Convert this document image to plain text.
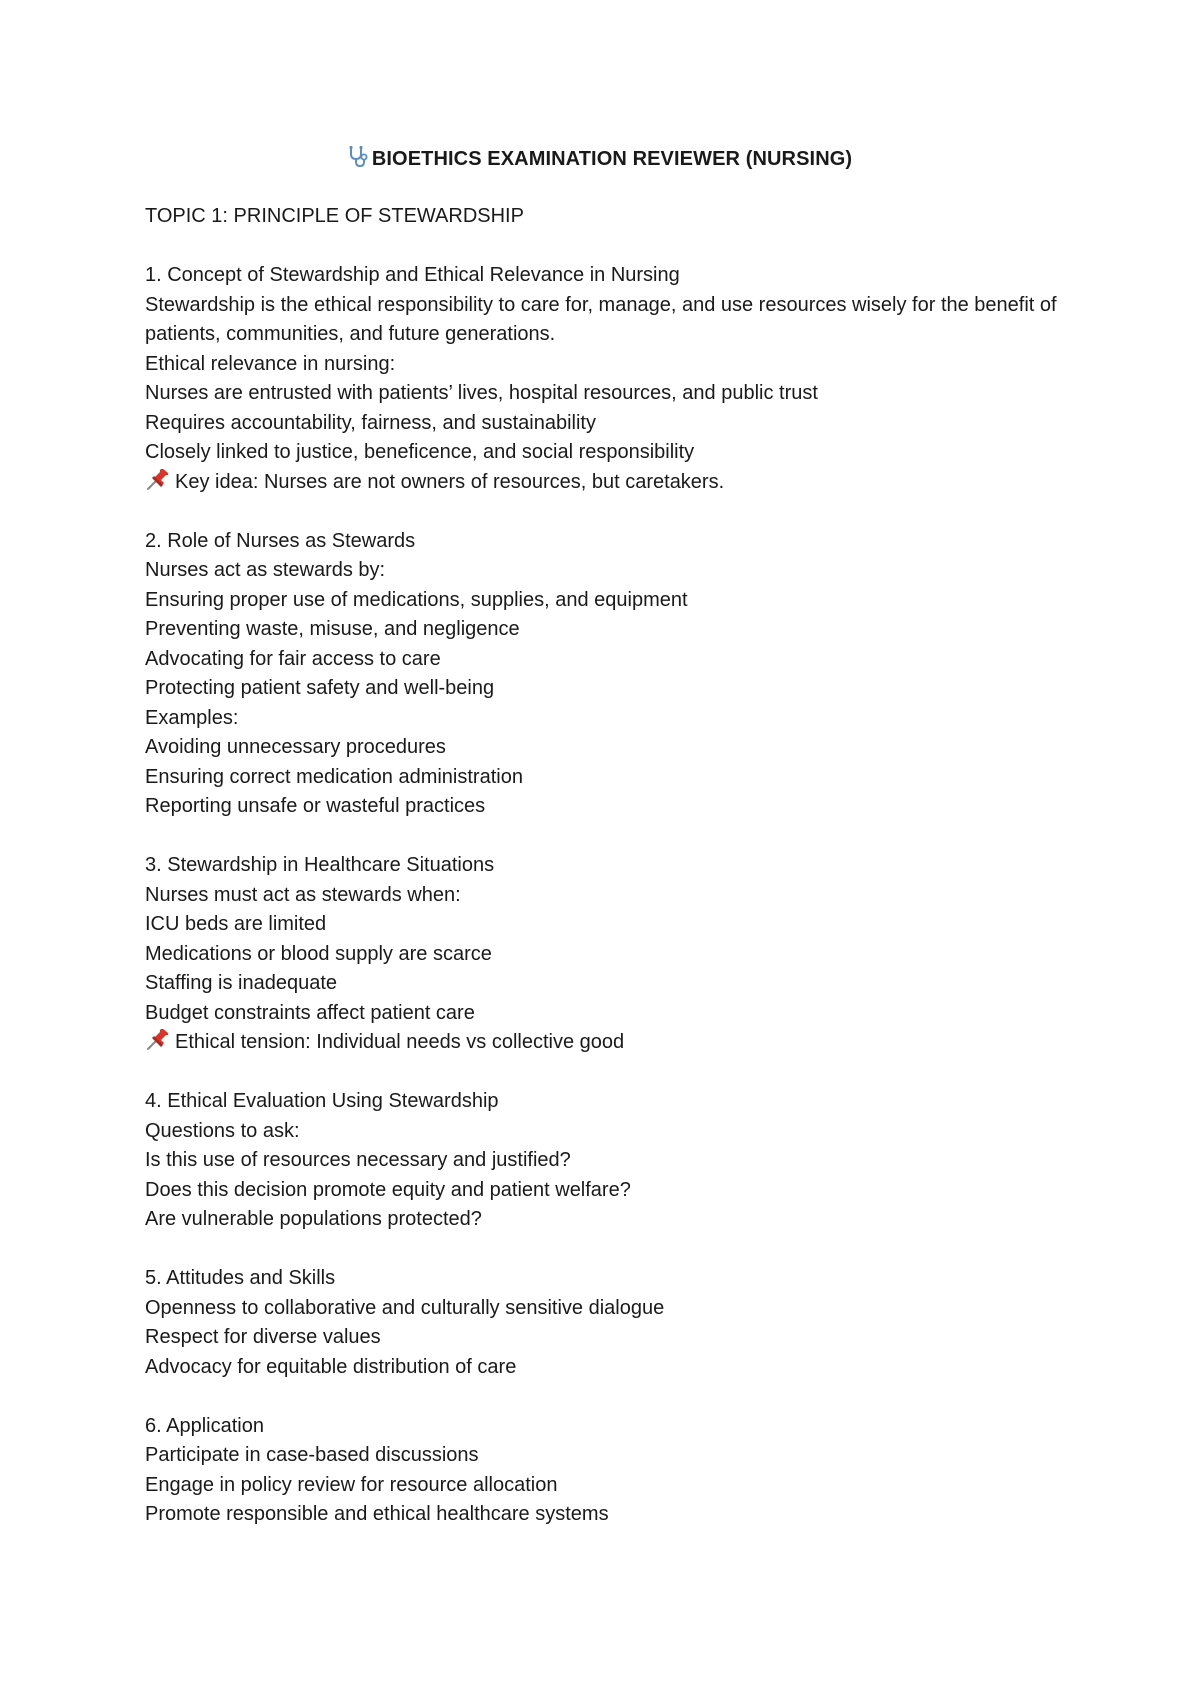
BIOETHICS EXAMINATION REVIEWER (NURSING)
TOPIC 1: PRINCIPLE OF STEWARDSHIP
1. Concept of Stewardship and Ethical Relevance in Nursing
Stewardship is the ethical responsibility to care for, manage, and use resources wisely for the benefit of patients, communities, and future generations.
Ethical relevance in nursing:
Nurses are entrusted with patients’ lives, hospital resources, and public trust
Requires accountability, fairness, and sustainability
Closely linked to justice, beneficence, and social responsibility
Key idea: Nurses are not owners of resources, but caretakers.
2. Role of Nurses as Stewards
Nurses act as stewards by:
Ensuring proper use of medications, supplies, and equipment
Preventing waste, misuse, and negligence
Advocating for fair access to care
Protecting patient safety and well-being
Examples:
Avoiding unnecessary procedures
Ensuring correct medication administration
Reporting unsafe or wasteful practices
3. Stewardship in Healthcare Situations
Nurses must act as stewards when:
ICU beds are limited
Medications or blood supply are scarce
Staffing is inadequate
Budget constraints affect patient care
Ethical tension: Individual needs vs collective good
4. Ethical Evaluation Using Stewardship
Questions to ask:
Is this use of resources necessary and justified?
Does this decision promote equity and patient welfare?
Are vulnerable populations protected?
5. Attitudes and Skills
Openness to collaborative and culturally sensitive dialogue
Respect for diverse values
Advocacy for equitable distribution of care
6. Application
Participate in case-based discussions
Engage in policy review for resource allocation
Promote responsible and ethical healthcare systems
